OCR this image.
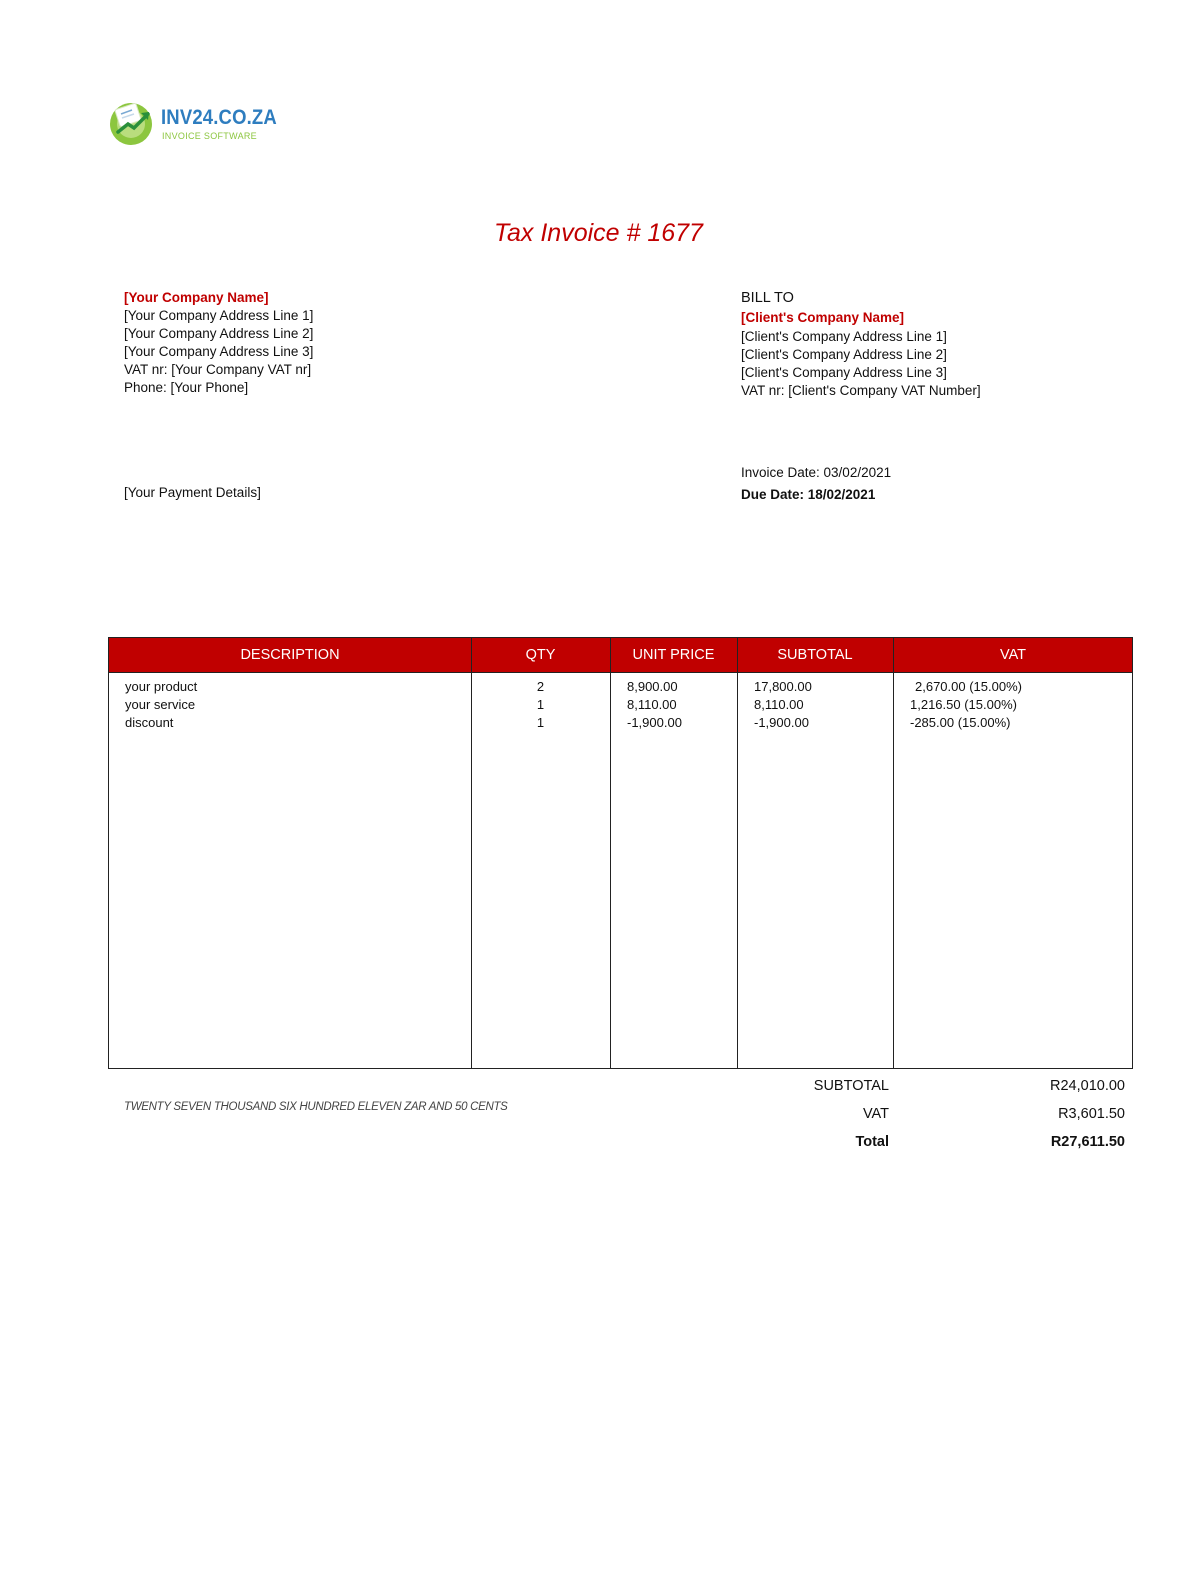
INV24.CO.ZA
INVOICE SOFTWARE
Tax Invoice # 1677
[Your Company Name]
[Your Company Address Line 1]
[Your Company Address Line 2]
[Your Company Address Line 3]
VAT nr: [Your Company VAT nr]
Phone: [Your Phone]
BILL TO
[Client's Company Name]
[Client's Company Address Line 1]
[Client's Company Address Line 2]
[Client's Company Address Line 3]
VAT nr: [Client's Company VAT Number]
[Your Payment Details]
Invoice Date: 03/02/2021
Due Date: 18/02/2021
DESCRIPTION	QTY	UNIT PRICE	SUBTOTAL	VAT
your product	2	8,900.00	17,800.00	2,670.00 (15.00%)
your service	1	8,110.00	8,110.00	1,216.50 (15.00%)
discount	1	-1,900.00	-1,900.00	-285.00 (15.00%)
TWENTY SEVEN THOUSAND SIX HUNDRED ELEVEN ZAR AND 50 CENTS
SUBTOTAL	R24,010.00
VAT	R3,601.50
Total	R27,611.50
